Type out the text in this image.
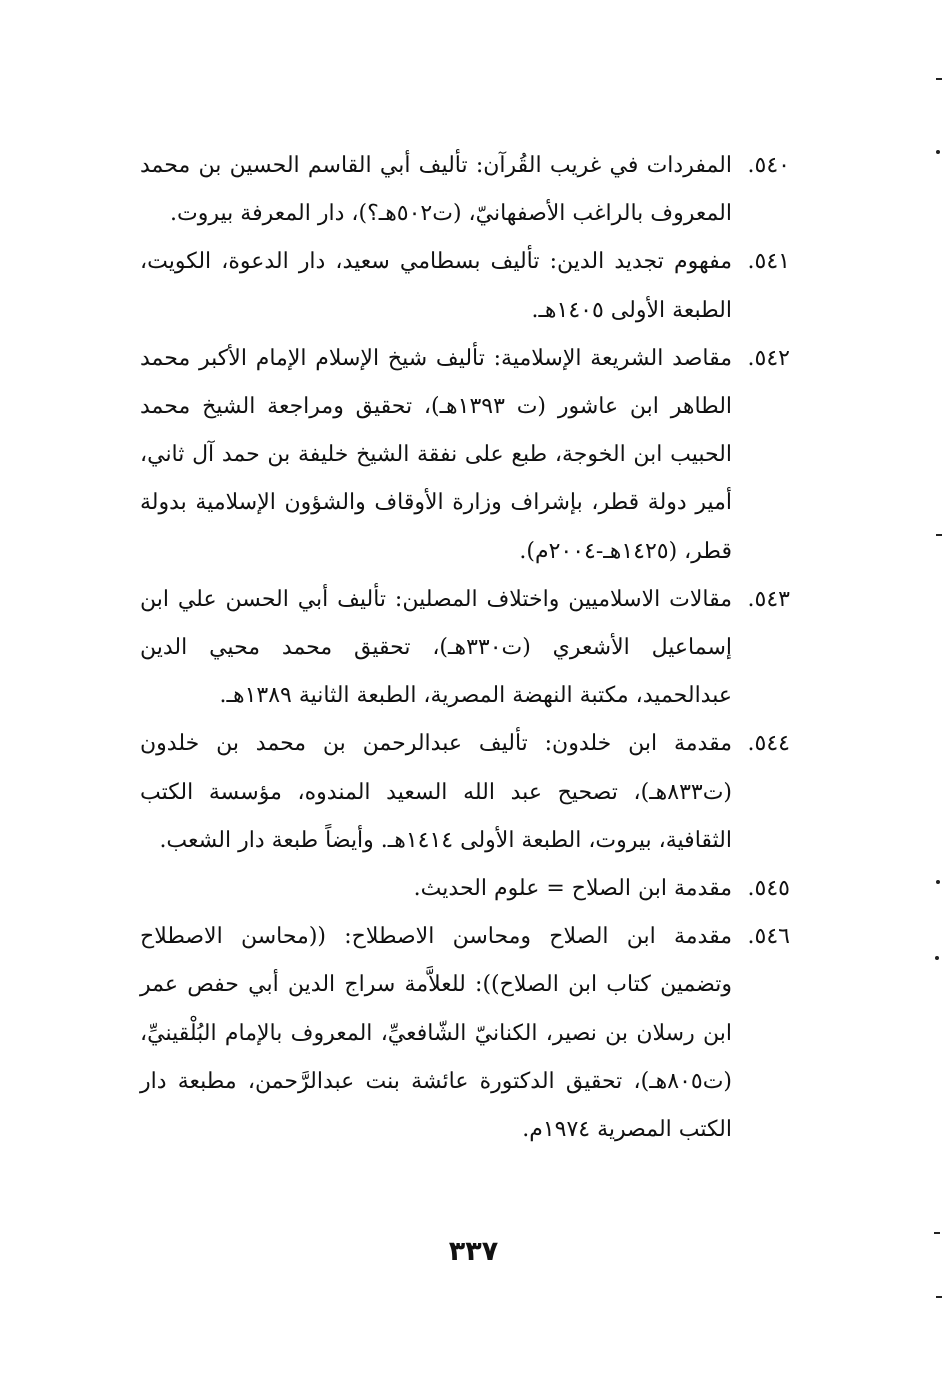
٥٤٠.
المفردات في غريب القُرآن: تأليف أبي القاسم الحسين بن محمد المعروف بالراغب الأصفهانيّ، (ت٥٠٢هـ؟)، دار المعرفة بيروت.
٥٤١.
مفهوم تجديد الدين: تأليف بسطامي سعيد، دار الدعوة، الكويت، الطبعة الأولى ١٤٠٥هـ.
٥٤٢.
مقاصد الشريعة الإسلامية: تأليف شيخ الإسلام الإمام الأكبر محمد الطاهر ابن عاشور (ت ١٣٩٣هـ)، تحقيق ومراجعة الشيخ محمد الحبيب ابن الخوجة، طبع على نفقة الشيخ خليفة بن حمد آل ثاني، أمير دولة قطر، بإشراف وزارة الأوقاف والشؤون الإسلامية بدولة قطر، (١٤٢٥هـ-٢٠٠٤م).
٥٤٣.
مقالات الاسلاميين واختلاف المصلين: تأليف أبي الحسن علي ابن إسماعيل الأشعري (ت٣٣٠هـ)، تحقيق محمد محيي الدين عبدالحميد، مكتبة النهضة المصرية، الطبعة الثانية ١٣٨٩هـ.
٥٤٤.
مقدمة ابن خلدون: تأليف عبدالرحمن بن محمد بن خلدون (ت٨٣٣هـ)، تصحيح عبد الله السعيد المندوه، مؤسسة الكتب الثقافية، بيروت، الطبعة الأولى ١٤١٤هـ. وأيضاً طبعة دار الشعب.
٥٤٥.
مقدمة ابن الصلاح = علوم الحديث.
٥٤٦.
مقدمة ابن الصلاح ومحاسن الاصطلاح: ((محاسن الاصطلاح وتضمين كتاب ابن الصلاح)): للعلاَّمة سراج الدين أبي حفص عمر ابن رسلان بن نصير، الكنانيّ الشّافعيِّ، المعروف بالإمام البُلْقينيِّ، (ت٨٠٥هـ)، تحقيق الدكتورة عائشة بنت عبدالرَّحمن، مطبعة دار الكتب المصرية ١٩٧٤م.
٣٣٧
